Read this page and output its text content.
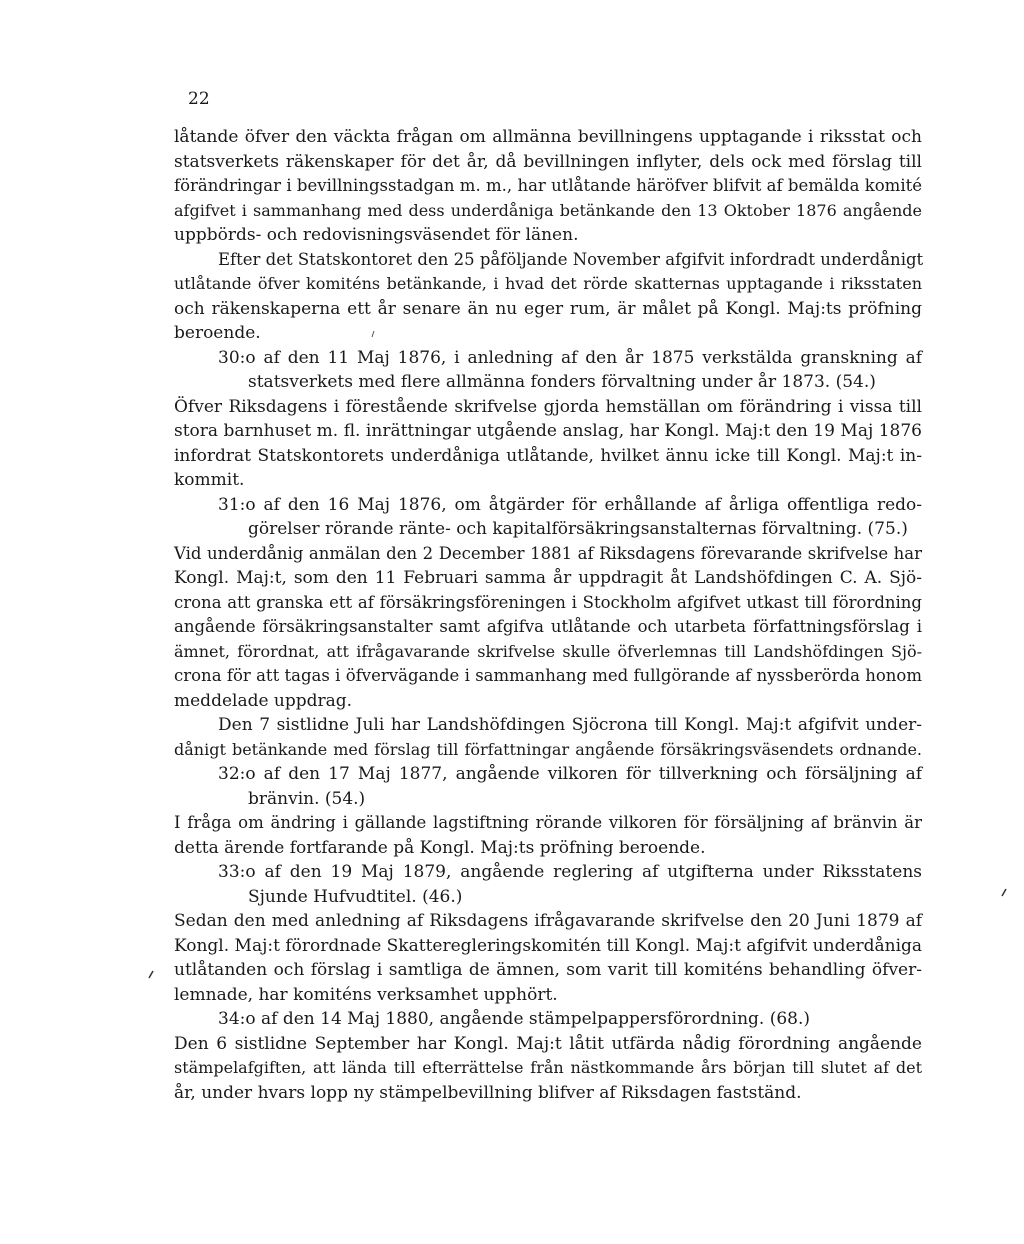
22
låtande öfver den väckta frågan om allmänna bevillningens upptagande i riksstat och
statsverkets räkenskaper för det år, då bevillningen inflyter, dels ock med förslag till
förändringar i bevillningsstadgan m. m., har utlåtande häröfver blifvit af bemälda komité
afgifvet i sammanhang med dess underdåniga betänkande den 13 Oktober 1876 angående
uppbörds- och redovisningsväsendet för länen.
Efter det Statskontoret den 25 påföljande November afgifvit infordradt underdånigt
utlåtande öfver komiténs betänkande, i hvad det rörde skatternas upptagande i riksstaten
och räkenskaperna ett år senare än nu eger rum, är målet på Kongl. Maj:ts pröfning
beroende.
30:o af den 11 Maj 1876, i anledning af den år 1875 verkstälda granskning af
statsverkets med flere allmänna fonders förvaltning under år 1873. (54.)
Öfver Riksdagens i förestående skrifvelse gjorda hemställan om förändring i vissa till
stora barnhuset m. fl. inrättningar utgående anslag, har Kongl. Maj:t den 19 Maj 1876
infordrat Statskontorets underdåniga utlåtande, hvilket ännu icke till Kongl. Maj:t in-
kommit.
31:o af den 16 Maj 1876, om åtgärder för erhållande af årliga offentliga redo-
görelser rörande ränte- och kapitalförsäkringsanstalternas förvaltning. (75.)
Vid underdånig anmälan den 2 December 1881 af Riksdagens förevarande skrifvelse har
Kongl. Maj:t, som den 11 Februari samma år uppdragit åt Landshöfdingen C. A. Sjö-
crona att granska ett af försäkringsföreningen i Stockholm afgifvet utkast till förordning
angående försäkringsanstalter samt afgifva utlåtande och utarbeta författningsförslag i
ämnet, förordnat, att ifrågavarande skrifvelse skulle öfverlemnas till Landshöfdingen Sjö-
crona för att tagas i öfvervägande i sammanhang med fullgörande af nyssberörda honom
meddelade uppdrag.
Den 7 sistlidne Juli har Landshöfdingen Sjöcrona till Kongl. Maj:t afgifvit under-
dånigt betänkande med förslag till författningar angående försäkringsväsendets ordnande.
32:o af den 17 Maj 1877, angående vilkoren för tillverkning och försäljning af
bränvin. (54.)
I fråga om ändring i gällande lagstiftning rörande vilkoren för försäljning af bränvin är
detta ärende fortfarande på Kongl. Maj:ts pröfning beroende.
33:o af den 19 Maj 1879, angående reglering af utgifterna under Riksstatens
Sjunde Hufvudtitel. (46.)
Sedan den med anledning af Riksdagens ifrågavarande skrifvelse den 20 Juni 1879 af
Kongl. Maj:t förordnade Skatteregleringskomitén till Kongl. Maj:t afgifvit underdåniga
utlåtanden och förslag i samtliga de ämnen, som varit till komiténs behandling öfver-
lemnade, har komiténs verksamhet upphört.
34:o af den 14 Maj 1880, angående stämpelpappersförordning. (68.)
Den 6 sistlidne September har Kongl. Maj:t låtit utfärda nådig förordning angående
stämpelafgiften, att lända till efterrättelse från nästkommande års början till slutet af det
år, under hvars lopp ny stämpelbevillning blifver af Riksdagen fastständ.
